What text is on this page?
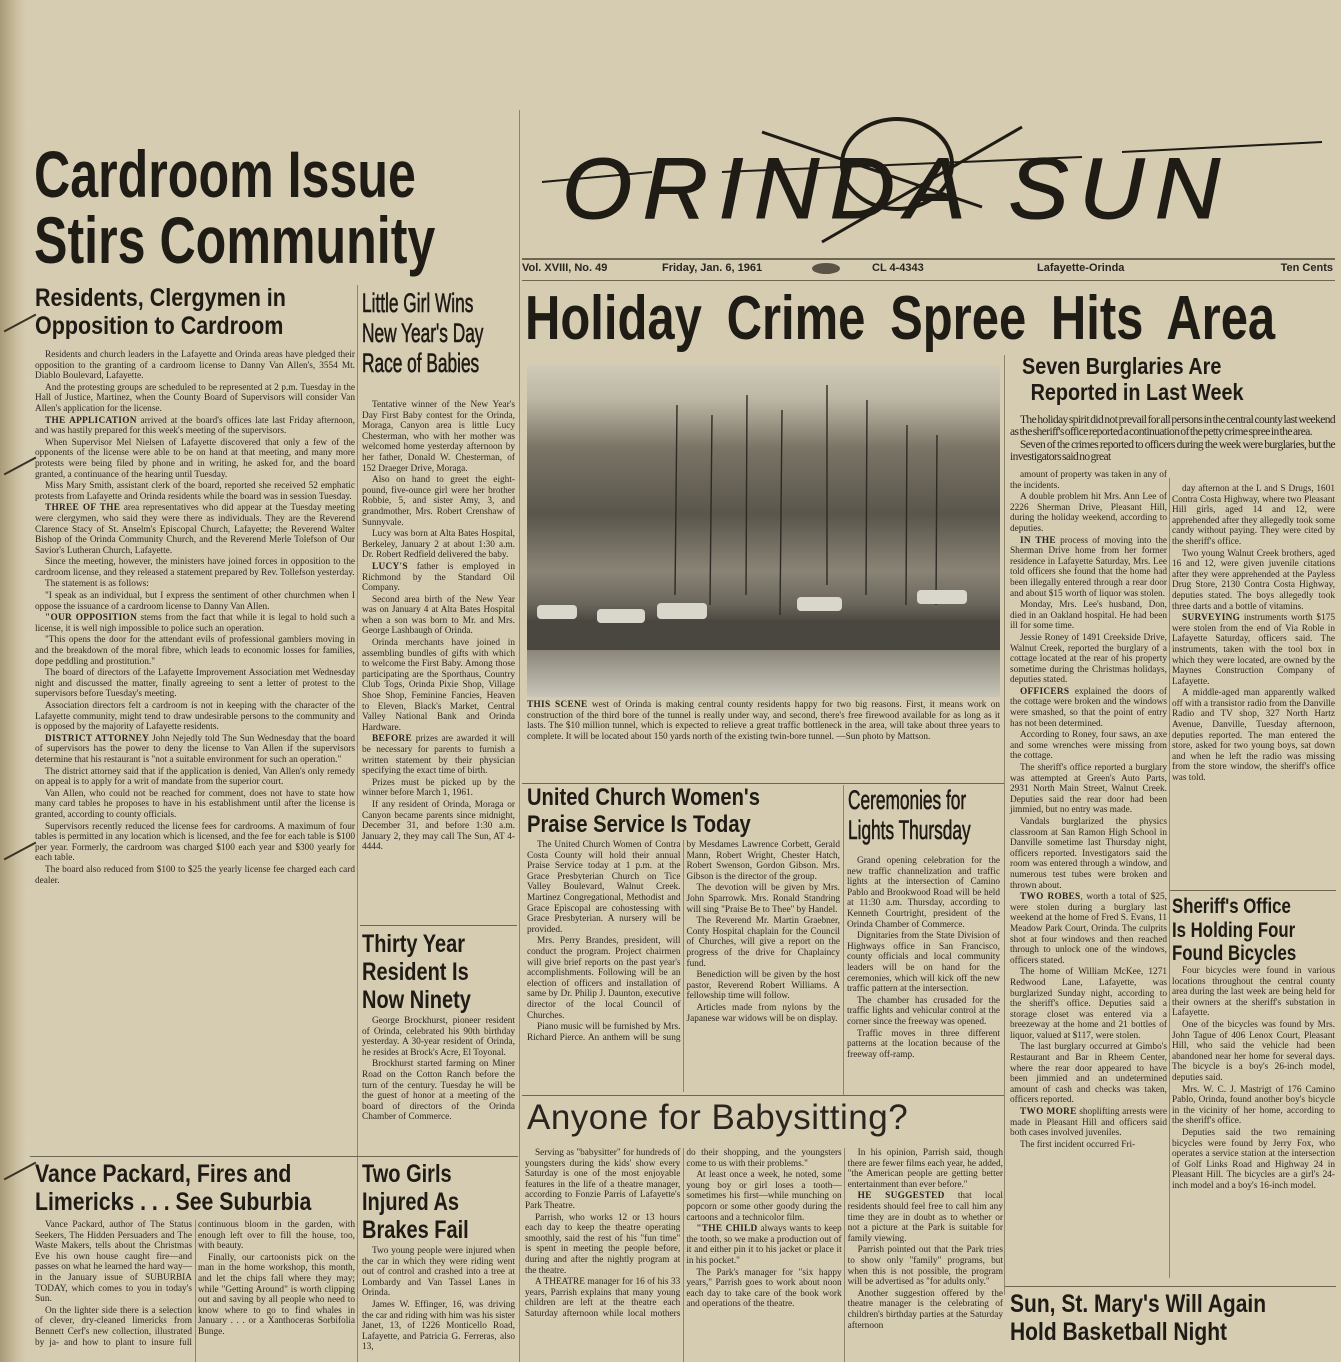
Cardroom Issue
Stirs Community
Residents, Clergymen in
Opposition to Cardroom

Residents and church leaders in the Lafayette and Orinda areas have pledged their opposition to the granting of a cardroom license to Danny Van Allen's, 3554 Mt. Diablo Boulevard, Lafayette.

And the protesting groups are scheduled to be represented at 2 p.m. Tuesday in the Hall of Justice, Martinez, when the County Board of Supervisors will consider Van Allen's application for the license.

THE APPLICATION arrived at the board's offices late last Friday afternoon, and was hastily prepared for this week's meeting of the supervisors.

When Supervisor Mel Nielsen of Lafayette discovered that only a few of the opponents of the license were able to be on hand at that meeting, and many more protests were being filed by phone and in writing, he asked for, and the board granted, a continuance of the hearing until Tuesday.

Miss Mary Smith, assistant clerk of the board, reported she received 52 emphatic protests from Lafayette and Orinda residents while the board was in session Tuesday.

THREE OF THE area representatives who did appear at the Tuesday meeting were clergymen, who said they were there as individuals. They are the Reverend Clarence Stacy of St. Anselm's Episcopal Church, Lafayette; the Reverend Walter Bishop of the Orinda Community Church, and the Reverend Merle Tolefson of Our Savior's Lutheran Church, Lafayette.

Since the meeting, however, the ministers have joined forces in opposition to the cardroom license, and they released a statement prepared by Rev. Tollefson yesterday.

The statement is as follows:

"I speak as an individual, but I express the sentiment of other churchmen when I oppose the issuance of a cardroom license to Danny Van Allen.

"OUR OPPOSITION stems from the fact that while it is legal to hold such a license, it is well nigh impossible to police such an operation.

"This opens the door for the attendant evils of professional gamblers moving in and the breakdown of the moral fibre, which leads to economic losses for families, dope peddling and prostitution."

The board of directors of the Lafayette Improvement Association met Wednesday night and discussed the matter, finally agreeing to sent a letter of protest to the supervisors before Tuesday's meeting.

Association directors felt a cardroom is not in keeping with the character of the Lafayette community, might tend to draw undesirable persons to the community and is opposed by the majority of Lafayette residents.

DISTRICT ATTORNEY John Nejedly told The Sun Wednesday that the board of supervisors has the power to deny the license to Van Allen if the supervisors determine that his restaurant is "not a suitable environment for such an operation."

The district attorney said that if the application is denied, Van Allen's only remedy on appeal is to apply for a writ of mandate from the superior court.

Van Allen, who could not be reached for comment, does not have to state how many card tables he proposes to have in his establishment until after the license is granted, according to county officials.

Supervisors recently reduced the license fees for cardrooms. A maximum of four tables is permitted in any location which is licensed, and the fee for each table is $100 per year. Formerly, the cardroom was charged $100 each year and $300 yearly for each table.

The board also reduced from $100 to $25 the yearly license fee charged each card dealer.

Little Girl Wins
New Year's Day
Race of Babies

Tentative winner of the New Year's Day First Baby contest for the Orinda, Moraga, Canyon area is little Lucy Chesterman, who with her mother was welcomed home yesterday afternoon by her father, Donald W. Chesterman, of 152 Draeger Drive, Moraga.

Also on hand to greet the eight-pound, five-ounce girl were her brother Robbie, 5, and sister Amy, 3, and grandmother, Mrs. Robert Crenshaw of Sunnyvale.

Lucy was born at Alta Bates Hospital, Berkeley, January 2 at about 1:30 a.m. Dr. Robert Redfield delivered the baby.

LUCY'S father is employed in Richmond by the Standard Oil Company.

Second area birth of the New Year was on January 4 at Alta Bates Hospital when a son was born to Mr. and Mrs. George Lashbaugh of Orinda.

Orinda merchants have joined in assembling bundles of gifts with which to welcome the First Baby. Among those participating are the Sporthaus, Country Club Togs, Orinda Pixie Shop, Village Shoe Shop, Feminine Fancies, Heaven to Eleven, Black's Market, Central Valley National Bank and Orinda Hardware.

BEFORE prizes are awarded it will be necessary for parents to furnish a written statement by their physician specifying the exact time of birth.

Prizes must be picked up by the winner before March 1, 1961.

If any resident of Orinda, Moraga or Canyon became parents since midnight, December 31, and before 1:30 a.m. January 2, they may call The Sun, AT 4-4444.

Thirty Year
Resident Is
Now Ninety

George Brockhurst, pioneer resident of Orinda, celebrated his 90th birthday yesterday. A 30-year resident of Orinda, he resides at Brock's Acre, El Toyonal.

Brockhurst started farming on Miner Road on the Cotton Ranch before the turn of the century. Tuesday he will be the guest of honor at a meeting of the board of directors of the Orinda Chamber of Commerce.

Vance Packard, Fires and
Limericks . . . See Suburbia

Vance Packard, author of The Status Seekers, The Hidden Persuaders and The Waste Makers, tells about the Christmas Eve his own house caught fire—and passes on what he learned the hard way—in the January issue of SUBURBIA TODAY, which comes to you in today's Sun.

On the lighter side there is a selection of clever, dry-cleaned limericks from Bennett Cerf's new collection, illustrated by ja- and how to plant to insure full continuous bloom in the garden, with enough left over to fill the house, too, with beauty.

Finally, our cartoonists pick on the man in the home workshop, this month, and let the chips fall where they may; while "Getting Around" is worth clipping out and saving by all people who need to know where to go to find whales in January . . . or a Xanthoceras Sorbifolia Bunge.

Two Girls
Injured As
Brakes Fail

Two young people were injured when the car in which they were riding went out of control and crashed into a tree at Lombardy and Van Tassel Lanes in Orinda.

James W. Effinger, 16, was driving the car and riding with him was his sister Janet, 13, of 1226 Monticello Road, Lafayette, and Patricia G. Ferreras, also 13,

ORINDA SUN
Vol. XVIII, No. 49	Friday, Jan. 6, 1961	CL 4-4343	Lafayette-Orinda	Ten Cents
Holiday Crime Spree Hits Area

THIS SCENE west of Orinda is making central county residents happy for two big reasons. First, it means work on construction of the third bore of the tunnel is really under way, and second, there's free firewood available for as long as it lasts. The $10 million tunnel, which is expected to relieve a great traffic bottleneck in the area, will take about three years to complete. It will be located about 150 yards north of the existing twin-bore tunnel. —Sun photo by Mattson.

Seven Burglaries Are
Reported in Last Week

The holiday spirit did not prevail for all persons in the central county last weekend as the sheriff's office reported a continuation of the petty crime spree in the area.

Seven of the crimes reported to officers during the week were burglaries, but the investigators said no great

amount of property was taken in any of the incidents.

A double problem hit Mrs. Ann Lee of 2226 Sherman Drive, Pleasant Hill, during the holiday weekend, according to deputies.

IN THE process of moving into the Sherman Drive home from her former residence in Lafayette Saturday, Mrs. Lee told officers she found that the home had been illegally entered through a rear door and about $15 worth of liquor was stolen.

Monday, Mrs. Lee's husband, Don, died in an Oakland hospital. He had been ill for some time.

Jessie Roney of 1491 Creekside Drive, Walnut Creek, reported the burglary of a cottage located at the rear of his property sometime during the Christmas holidays, deputies stated.

OFFICERS explained the doors of the cottage were broken and the windows were smashed, so that the point of entry has not been determined.

According to Roney, four saws, an axe and some wrenches were missing from the cottage.

The sheriff's office reported a burglary was attempted at Green's Auto Parts, 2931 North Main Street, Walnut Creek. Deputies said the rear door had been jimmied, but no entry was made.

Vandals burglarized the physics classroom at San Ramon High School in Danville sometime last Thursday night, officers reported. Investigators said the room was entered through a window, and numerous test tubes were broken and thrown about.

TWO ROBES, worth a total of $25, were stolen during a burglary last weekend at the home of Fred S. Evans, 11 Meadow Park Court, Orinda. The culprits shot at four windows and then reached through to unlock one of the windows, officers stated.

The home of William McKee, 1271 Redwood Lane, Lafayette, was burglarized Sunday night, according to the sheriff's office. Deputies said a storage closet was entered via a breezeway at the home and 21 bottles of liquor, valued at $117, were stolen.

The last burglary occurred at Gimbo's Restaurant and Bar in Rheem Center, where the rear door appeared to have been jimmied and an undetermined amount of cash and checks was taken, officers reported.

TWO MORE shoplifting arrests were made in Pleasant Hill and officers said both cases involved juveniles.

The first incident occurred Fri-

day afternon at the L and S Drugs, 1601 Contra Costa Highway, where two Pleasant Hill girls, aged 14 and 12, were apprehended after they allegedly took some candy without paying. They were cited by the sheriff's office.

Two young Walnut Creek brothers, aged 16 and 12, were given juvenile citations after they were apprehended at the Payless Drug Store, 2130 Contra Costa Highway, deputies stated. The boys allegedly took three darts and a bottle of vitamins.

SURVEYING instruments worth $175 were stolen from the end of Via Roble in Lafayette Saturday, officers said. The instruments, taken with the tool box in which they were located, are owned by the Maynes Construction Company of Lafayette.

A middle-aged man apparently walked off with a transistor radio from the Danville Radio and TV shop, 327 North Hartz Avenue, Danville, Tuesday afternoon, deputies reported. The man entered the store, asked for two young boys, sat down and when he left the radio was missing from the store window, the sheriff's office was told.

United Church Women's
Praise Service Is Today

The United Church Women of Contra Costa County will hold their annual Praise Service today at 1 p.m. at the Grace Presbyterian Church on Tice Valley Boulevard, Walnut Creek. Martinez Congregational, Methodist and Grace Episcopal are cohostessing with Grace Presbyterian. A nursery will be provided.

Mrs. Perry Brandes, president, will conduct the program. Project chairmen will give brief reports on the past year's accomplishments. Following will be an election of officers and installation of same by Dr. Philip J. Daunton, executive director of the local Council of Churches.

Piano music will be furnished by Mrs. Richard Pierce. An anthem will be sung by Mesdames Lawrence Corbett, Gerald Mann, Robert Wright, Chester Hatch, Robert Swenson, Gordon Gibson. Mrs. Gibson is the director of the group.

The devotion will be given by Mrs. John Sparrowk. Mrs. Ronald Standring will sing "Praise Be to Thee" by Handel.

The Reverend Mr. Martin Graebner, Conty Hospital chaplain for the Council of Churches, will give a report on the progress of the drive for Chaplaincy fund.

Benediction will be given by the host pastor, Reverend Robert Williams. A fellowship time will follow.

Articles made from nylons by the Japanese war widows will be on display.

Ceremonies for
Lights Thursday

Grand opening celebration for the new traffic channelization and traffic lights at the intersection of Camino Pablo and Brookwood Road will be held at 11:30 a.m. Thursday, according to Kenneth Courtright, president of the Orinda Chamber of Commerce.

Dignitaries from the State Division of Highways office in San Francisco, county officials and local community leaders will be on hand for the ceremonies, which will kick off the new traffic pattern at the intersection.

The chamber has crusaded for the traffic lights and vehicular control at the corner since the freeway was opened.

Traffic moves in three different patterns at the location because of the freeway off-ramp.

Anyone for Babysitting?

Serving as "babysitter" for hundreds of youngsters during the kids' show every Saturday is one of the most enjoyable features in the life of a theatre manager, according to Fonzie Parris of Lafayette's Park Theatre.

Parrish, who works 12 or 13 hours each day to keep the theatre operating smoothly, said the rest of his "fun time" is spent in meeting the people before, during and after the nightly program at the theatre.

A THEATRE manager for 16 of his 33 years, Parrish explains that many young children are left at the theatre each Saturday afternoon while local mothers do their shopping, and the youngsters come to us with their problems."

At least once a week, he noted, some young boy or girl loses a tooth—sometimes his first—while munching on popcorn or some other goody during the cartoons and a technicolor film.

"THE CHILD always wants to keep the tooth, so we make a production out of it and either pin it to his jacket or place it in his pocket."

The Park's manager for "six happy years," Parrish goes to work about noon each day to take care of the book work and operations of the theatre.

In his opinion, Parrish said, though there are fewer films each year, he added, "the American people are getting better entertainment than ever before."

HE SUGGESTED that local residents should feel free to call him any time they are in doubt as to whether or not a picture at the Park is suitable for family viewing.

Parrish pointed out that the Park tries to show only "family" programs, but when this is not possible, the program will be advertised as "for adults only."

Another suggestion offered by the theatre manager is the celebrating of children's birthday parties at the Saturday afternoon

Sheriff's Office
Is Holding Four
Found Bicycles

Four bicycles were found in various locations throughout the central county area during the last week are being held for their owners at the sheriff's substation in Lafayette.

One of the bicycles was found by Mrs. John Tague of 406 Lenox Court, Pleasant Hill, who said the vehicle had been abandoned near her home for several days. The bicycle is a boy's 26-inch model, deputies said.

Mrs. W. C. J. Mastrigt of 176 Camino Pablo, Orinda, found another boy's bicycle in the vicinity of her home, according to the sheriff's office.

Deputies said the two remaining bicycles were found by Jerry Fox, who operates a service station at the intersection of Golf Links Road and Highway 24 in Pleasant Hill. The bicycles are a girl's 24-inch model and a boy's 16-inch model.

Sun, St. Mary's Will Again
Hold Basketball Night
